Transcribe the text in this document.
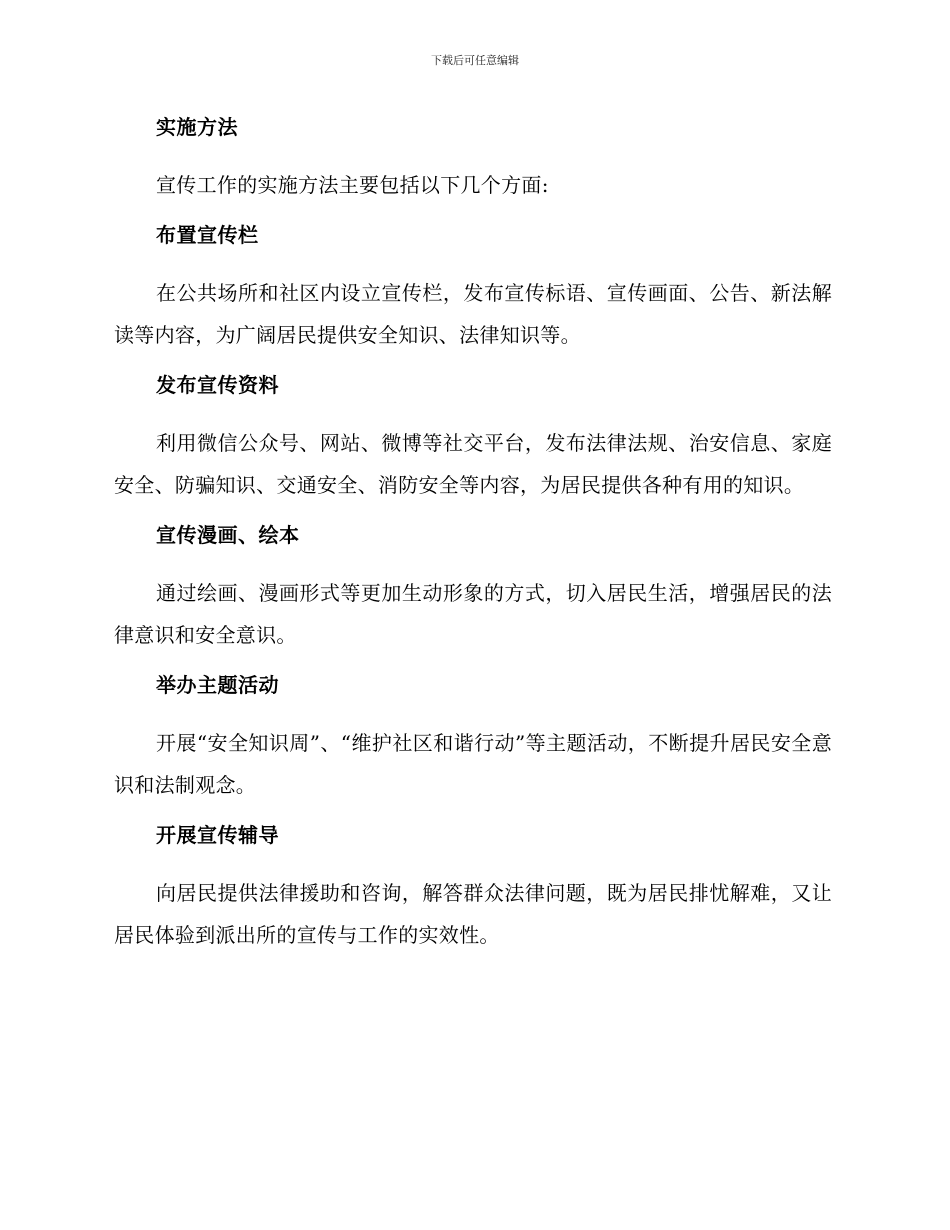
下载后可任意编辑
实施方法
宣传工作的实施方法主要包括以下几个方面:
布置宣传栏
在公共场所和社区内设立宣传栏，发布宣传标语、宣传画面、公告、新法解读等内容，为广阔居民提供安全知识、法律知识等。
发布宣传资料
利用微信公众号、网站、微博等社交平台，发布法律法规、治安信息、家庭安全、防骗知识、交通安全、消防安全等内容，为居民提供各种有用的知识。
宣传漫画、绘本
通过绘画、漫画形式等更加生动形象的方式，切入居民生活，增强居民的法律意识和安全意识。
举办主题活动
开展“安全知识周”、“维护社区和谐行动”等主题活动，不断提升居民安全意识和法制观念。
开展宣传辅导
向居民提供法律援助和咨询，解答群众法律问题，既为居民排忧解难，又让居民体验到派出所的宣传与工作的实效性。
